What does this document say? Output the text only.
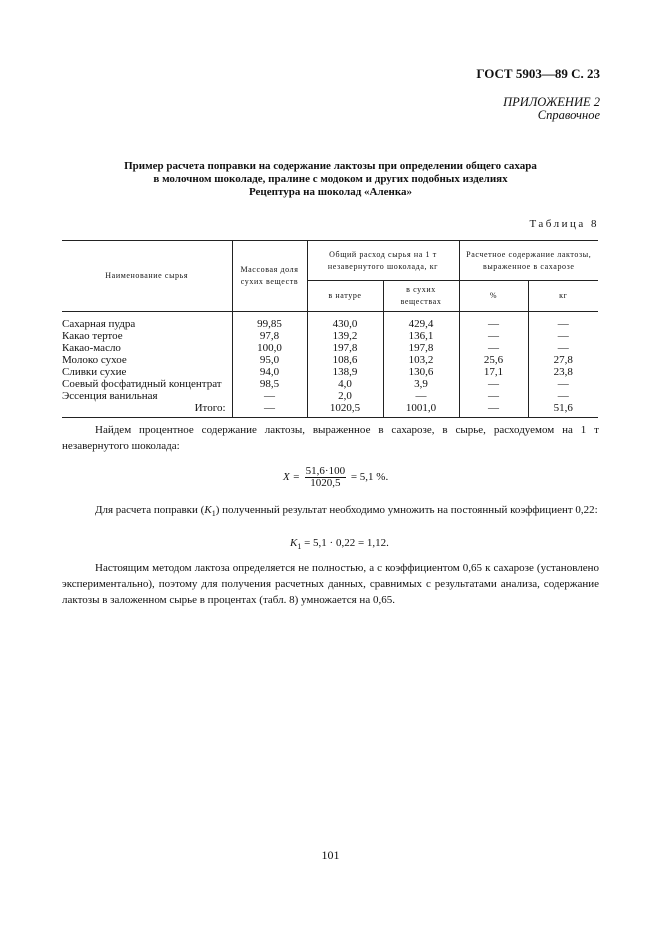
ГОСТ 5903—89 С. 23
ПРИЛОЖЕНИЕ 2
Справочное
Пример расчета поправки на содержание лактозы при определении общего сахара
в молочном шоколаде, пралине с модоком и других подобных изделиях
Рецептура на шоколад «Аленка»
Таблица 8
Наименование сырья	Массовая доля сухих веществ	Общий расход сырья на 1 т незавернутого шоколада, кг		Расчетное содержание лактозы, выраженное в сахарозе	
		в натуре	в сухих веществах	%	кг
Сахарная пудра	99,85	430,0	429,4	—	—
Какао тертое	97,8	139,2	136,1	—	—
Какао-масло	100,0	197,8	197,8	—	—
Молоко сухое	95,0	108,6	103,2	25,6	27,8
Сливки сухие	94,0	138,9	130,6	17,1	23,8
Соевый фосфатидный концентрат	98,5	4,0	3,9	—	—
Эссенция ванильная	—	2,0	—	—	—
Итого:	—	1020,5	1001,0	—	51,6
Найдем процентное содержание лактозы, выраженное в сахарозе, в сырье, расходуемом на 1 т незавернутого шоколада:
$X = \frac{51,6\cdot 100}{1020,5} = 5,1$ %.
Для расчета поправки $(K_1)$ полученный результат необходимо умножить на постоянный коэффициент 0,22:
$K_1 = 5,1 \cdot 0,22 = 1,12$.
Настоящим методом лактоза определяется не полностью, а с коэффициентом 0,65 к сахарозе (установлено экспериментально), поэтому для получения расчетных данных, сравнимых с результатами анализа, содержание лактозы в заложенном сырье в процентах (табл. 8) умножается на 0,65.
101
